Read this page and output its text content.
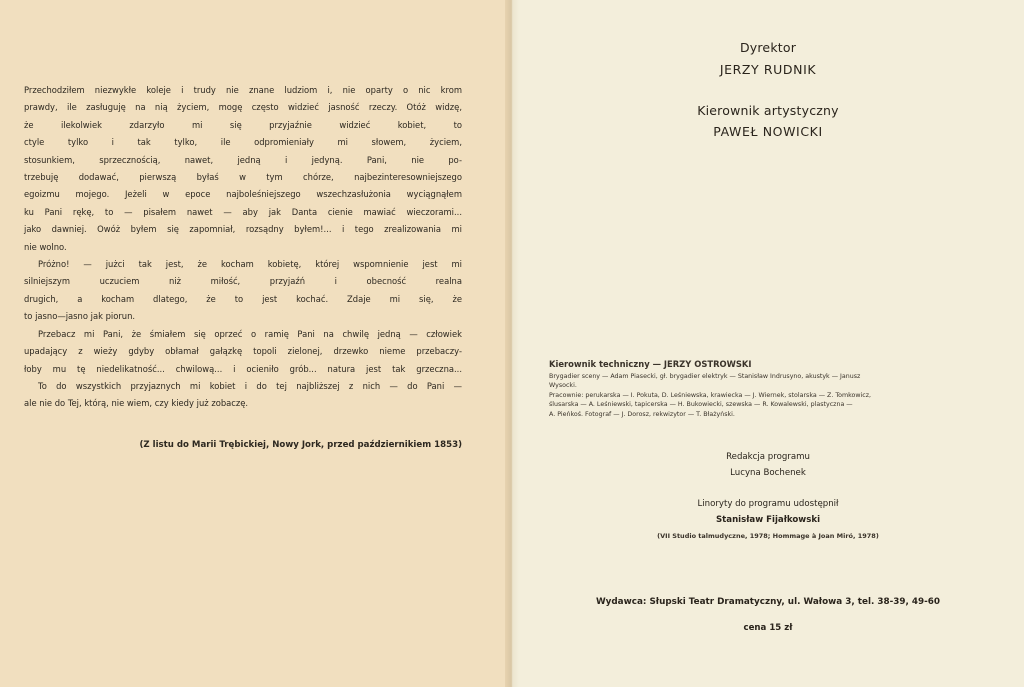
Przechodziłem niezwykłe koleje i trudy nie znane ludziom i, nie oparty o nic krom
prawdy, ile zasługuję na nią życiem, mogę często widzieć jasność rzeczy. Otóż widzę,
że ilekolwiek zdarzyło mi się przyjaźnie widzieć kobiet, to
ctyle tylko i tak tylko, ile odpromieniały mi słowem, życiem,
stosunkiem, sprzecznością, nawet, jedną i jedyną. Pani, nie po-
trzebuję dodawać, pierwszą byłaś w tym chórze, najbezinteresowniejszego
egoizmu mojego. Jeżeli w epoce najboleśniejszego wszechzasłużonia wyciągnąłem
ku Pani rękę, to — pisałem nawet — aby jak Danta cienie mawiać wieczorami...
jako dawniej. Owóż byłem się zapomniał, rozsądny byłem!... i tego zrealizowania mi
nie wolno.
Próżno! — jużci tak jest, że kocham kobietę, której wspomnienie jest mi
silniejszym uczuciem niż miłość, przyjaźń i obecność realna
drugich, a kocham dlatego, że to jest kochać. Zdaje mi się, że
to jasno—jasno jak piorun.
Przebacz mi Pani, że śmiałem się oprzeć o ramię Pani na chwilę jedną — człowiek
upadający z wieży gdyby obłamał gałązkę topoli zielonej, drzewko nieme przebaczy-
łoby mu tę niedelikatność... chwilową... i ocieniło grób... natura jest tak grzeczna...
To do wszystkich przyjaznych mi kobiet i do tej najbliższej z nich — do Pani —
ale nie do Tej, którą, nie wiem, czy kiedy już zobaczę.
(Z listu do Marii Trębickiej, Nowy Jork, przed październikiem 1853)
Dyrektor
JERZY RUDNIK
Kierownik artystyczny
PAWEŁ NOWICKI
Kierownik techniczny — JERZY OSTROWSKI
Brygadier sceny — Adam Piasecki, gł. brygadier elektryk — Stanisław Indrusyno, akustyk — Janusz
Wysocki.
Pracownie: perukarska — I. Pokuta, D. Leśniewska, krawiecka — J. Wiernek, stolarska — Z. Tomkowicz,
ślusarska — A. Leśniewski, tapicerska — H. Bukowiecki, szewska — R. Kowalewski, plastyczna —
A. Pieńkoś. Fotograf — J. Dorosz, rekwizytor — T. Błażyński.
Redakcja programu
Lucyna Bochenek
Linoryty do programu udostępnił
Stanisław Fijałkowski
(VII Studio talmudyczne, 1978; Hommage à Joan Miró, 1978)
Wydawca: Słupski Teatr Dramatyczny, ul. Wałowa 3, tel. 38-39, 49-60
cena 15 zł
